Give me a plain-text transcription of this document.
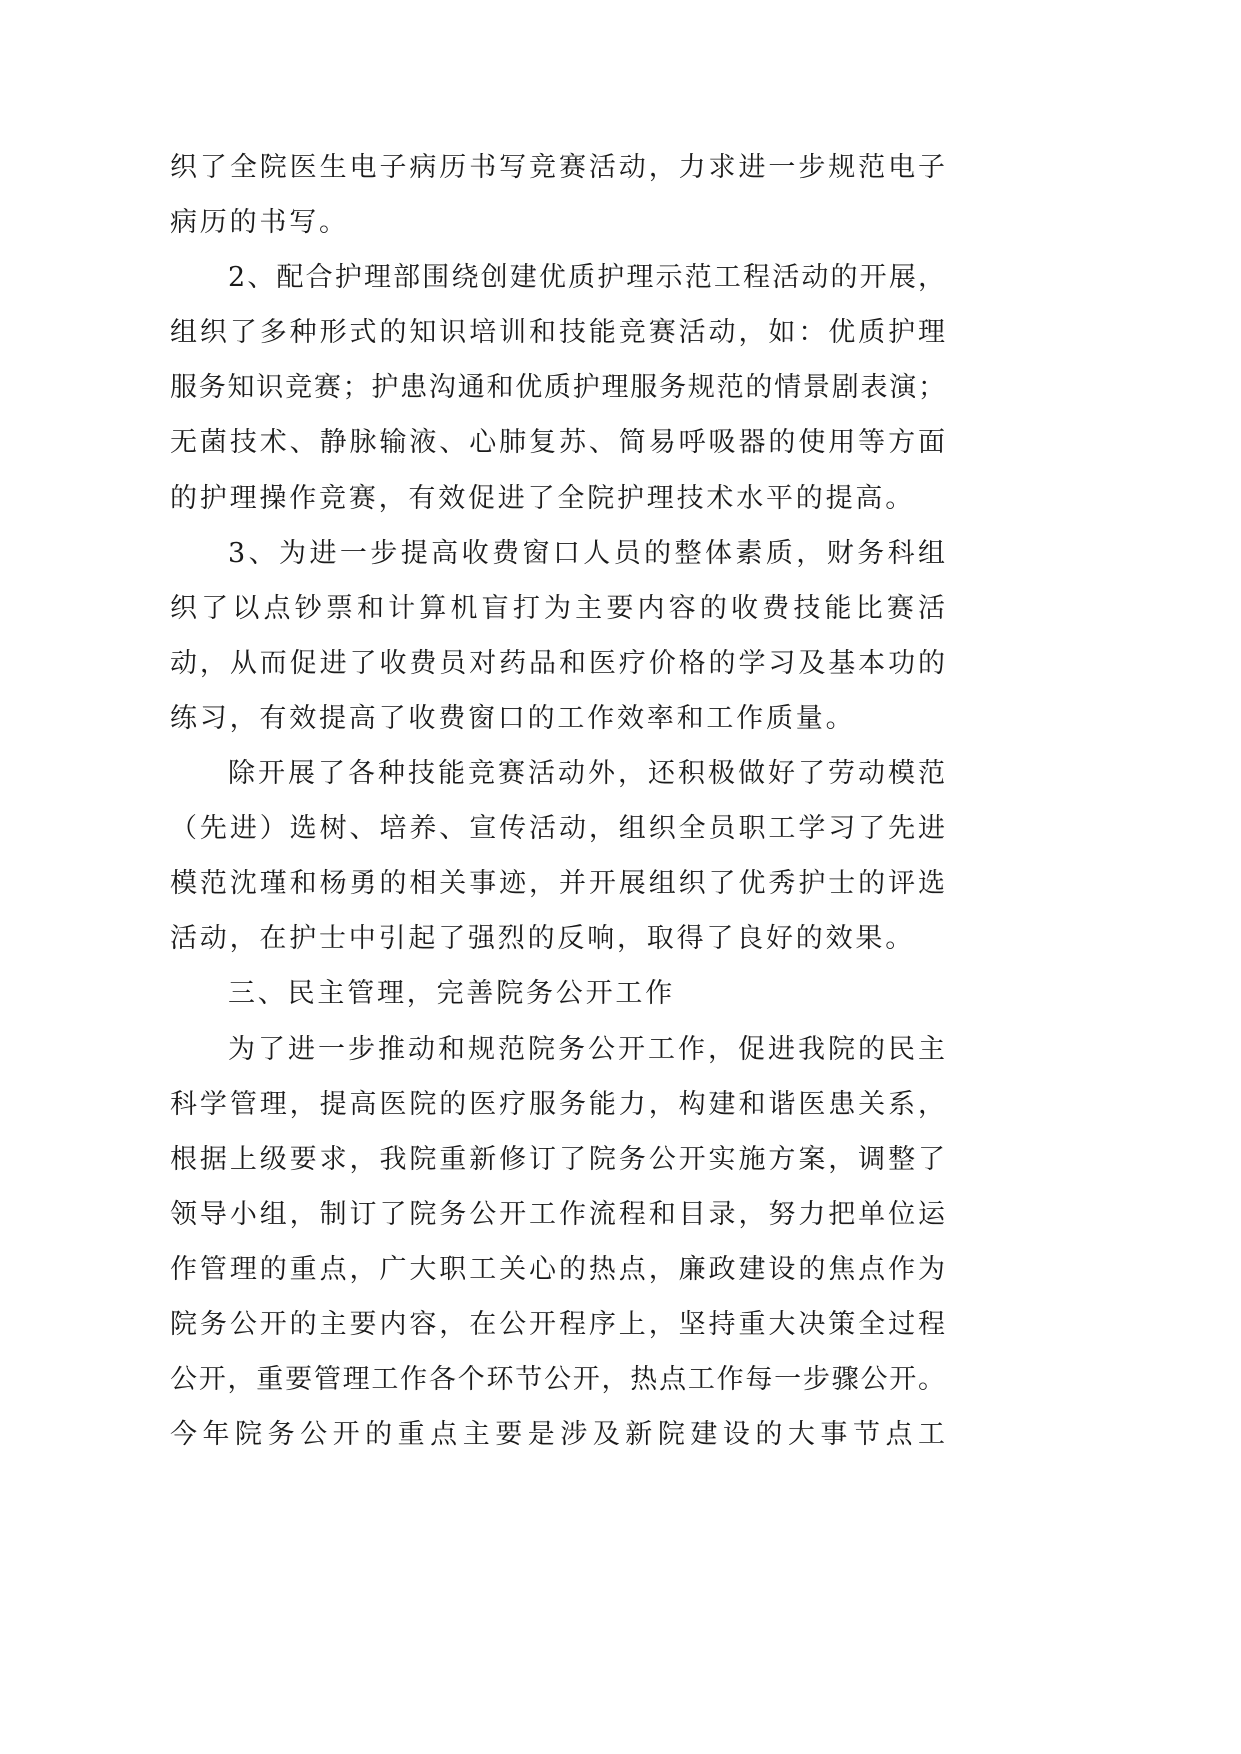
织了全院医生电子病历书写竞赛活动，力求进一步规范电子
病历的书写。
2、配合护理部围绕创建优质护理示范工程活动的开展，
组织了多种形式的知识培训和技能竞赛活动，如：优质护理
服务知识竞赛；护患沟通和优质护理服务规范的情景剧表演；
无菌技术、静脉输液、心肺复苏、简易呼吸器的使用等方面
的护理操作竞赛，有效促进了全院护理技术水平的提高。
3、为进一步提高收费窗口人员的整体素质，财务科组
织了以点钞票和计算机盲打为主要内容的收费技能比赛活
动，从而促进了收费员对药品和医疗价格的学习及基本功的
练习，有效提高了收费窗口的工作效率和工作质量。
除开展了各种技能竞赛活动外，还积极做好了劳动模范
（先进）选树、培养、宣传活动，组织全员职工学习了先进
模范沈瑾和杨勇的相关事迹，并开展组织了优秀护士的评选
活动，在护士中引起了强烈的反响，取得了良好的效果。
三、民主管理，完善院务公开工作
为了进一步推动和规范院务公开工作，促进我院的民主
科学管理，提高医院的医疗服务能力，构建和谐医患关系，
根据上级要求，我院重新修订了院务公开实施方案，调整了
领导小组，制订了院务公开工作流程和目录，努力把单位运
作管理的重点，广大职工关心的热点，廉政建设的焦点作为
院务公开的主要内容，在公开程序上，坚持重大决策全过程
公开，重要管理工作各个环节公开，热点工作每一步骤公开。
今年院务公开的重点主要是涉及新院建设的大事节点工
